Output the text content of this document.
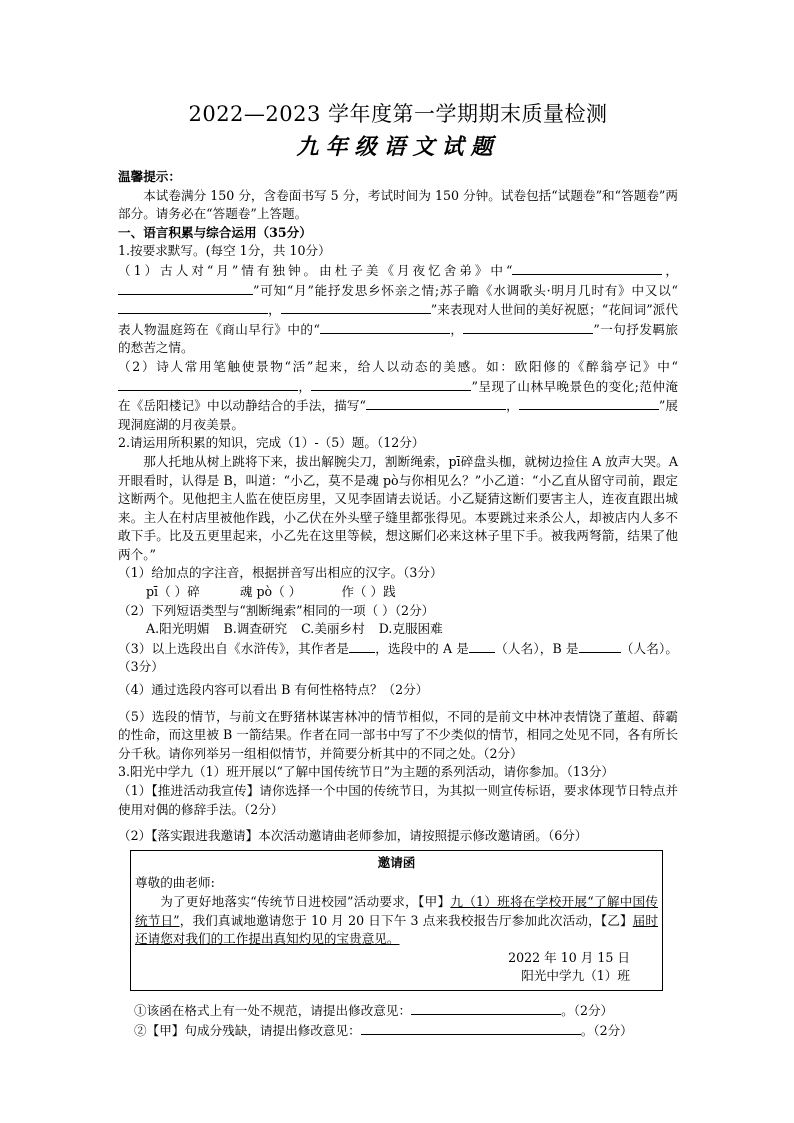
2022—2023 学年度第一学期期末质量检测
九年级语文试题

温馨提示：

本试卷满分 150 分，含卷面书写 5 分，考试时间为 150 分钟。试卷包括“试题卷”和“答题卷”两部分。请务必在“答题卷”上答题。

一、语言积累与综合运用（35分）

1.按要求默写。(每空 1分，共 10分）

（1）古人对“月”情有独钟。由杜子美《月夜忆舍弟》中“	，”可知“月”能抒发思乡怀亲之情;苏子瞻《水调歌头·明月几时有》中又以“，	”来表现对人世间的美好祝愿；“花间词”派代表人物温庭筠在《商山早行》中的“	，	”一句抒发羁旅的愁苦之情。

（2）诗人常用笔触使景物“活”起来，给人以动态的美感。如：欧阳修的《醉翁亭记》中“，	”呈现了山林早晚景色的变化;范仲淹在《岳阳楼记》中以动静结合的手法，描写“	，	”展现洞庭湖的月夜美景。

2.请运用所积累的知识，完成（1）-（5）题。（12分）

那人托地从树上跳将下来，拔出解腕尖刀，割断绳索，pī碎盘头枷，就树边捡住 A 放声大哭。A 开眼看时，认得是 B，叫道：“小乙，莫不是魂 pò与你相见么？”小乙道：“小乙直从留守司前，跟定这断两个。见他把主人监在使臣房里，又见李固请去说话。小乙疑猜这断们要害主人，连夜直跟出城来。主人在村店里被他作践，小乙伏在外头壁子缝里都张得见。本要跳过来杀公人，却被店内人多不敢下手。比及五更里起来，小乙先在这里等候，想这厮们必来这林子里下手。被我两弩箭，结果了他两个。”

（1）给加点的字注音，根据拼音写出相应的汉字。（3分）

pī（ ）碎	魂 pò（ ）	作（ ）践

（2）下列短语类型与“割断绳索”相同的一项（ ）（2分）

A.阳光明媚 B.调查研究 C.美丽乡村 D.克服困难

（3）以上选段出自《水浒传》，其作者是 ，选段中的 A 是 （人名），B 是	（人名）。（3分）

（4）通过选段内容可以看出 B 有何性格特点？（2分）

（5）选段的情节，与前文在野猪林谋害林冲的情节相似，不同的是前文中林冲表情饶了董超、薛霸的性命，而这里被 B 一箭结果。作者在同一部书中写了不少类似的情节，相同之处见不同，各有所长分千秋。请你列举另一组相似情节，并简要分析其中的不同之处。（2分）

3.阳光中学九（1）班开展以“了解中国传统节日”为主题的系列活动，请你参加。（13分）

（1）【推进活动我宣传】请你选择一个中国的传统节日，为其拟一则宣传标语，要求体现节日特点并使用对偶的修辞手法。（2分）

（2）【落实跟进我邀请】本次活动邀请曲老师参加，请按照提示修改邀请函。（6分）

邀请函
尊敬的曲老师:
为了更好地落实“传统节日进校园”活动要求，【甲】九（1）班将在学校开展“了解中国传统节日”，我们真诚地邀请您于 10 月 20 日下午 3 点来我校报告厅参加此次活动，【乙】届时还请您对我们的工作提出真知灼见的宝贵意见。
2022 年 10 月 15 日
阳光中学九（1）班

①该函在格式上有一处不规范，请提出修改意见：	。（2分）

②【甲】句成分残缺，请提出修改意见：	。（2分）
